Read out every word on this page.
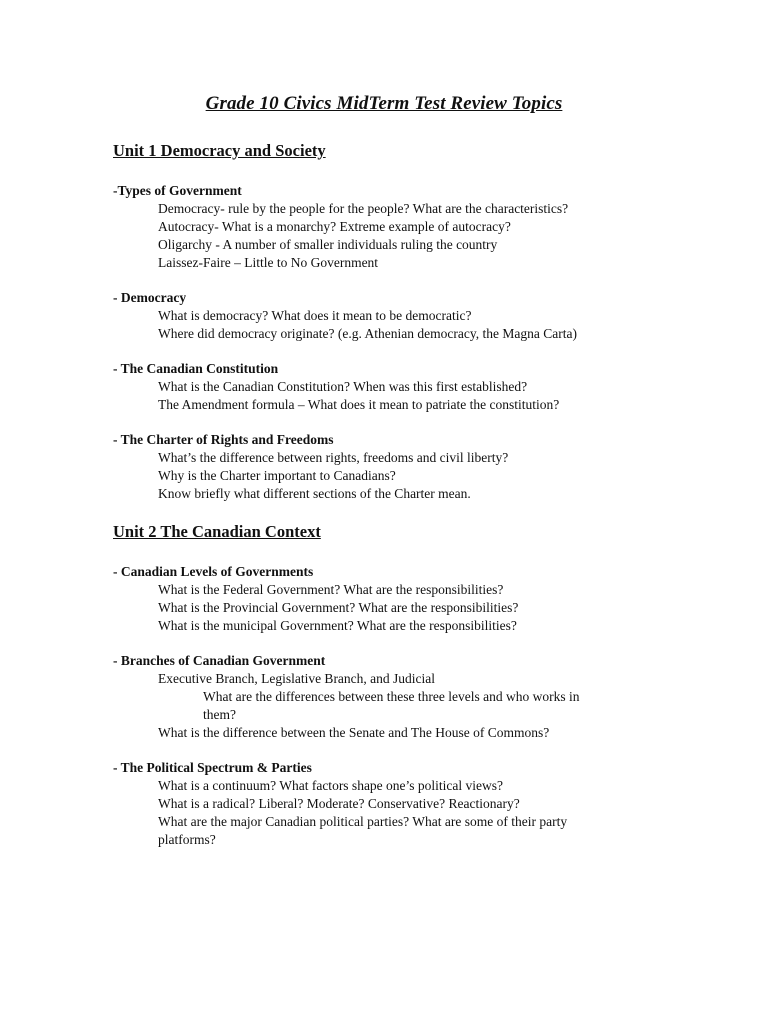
Grade 10 Civics MidTerm Test Review Topics
Unit 1 Democracy and Society
-Types of Government
Democracy- rule by the people for the people? What are the characteristics?
Autocracy- What is a monarchy? Extreme example of autocracy?
Oligarchy - A number of smaller individuals ruling the country
Laissez-Faire – Little to No Government
- Democracy
What is democracy? What does it mean to be democratic?
Where did democracy originate? (e.g. Athenian democracy, the Magna Carta)
- The Canadian Constitution
What is the Canadian Constitution? When was this first established?
The Amendment formula – What does it mean to patriate the constitution?
- The Charter of Rights and Freedoms
What’s the difference between rights, freedoms and civil liberty?
Why is the Charter important to Canadians?
Know briefly what different sections of the Charter mean.
Unit 2 The Canadian Context
- Canadian Levels of Governments
What is the Federal Government? What are the responsibilities?
What is the Provincial Government? What are the responsibilities?
What is the municipal Government? What are the responsibilities?
- Branches of Canadian Government
Executive Branch, Legislative Branch, and Judicial
What are the differences between these three levels and who works in
them?
What is the difference between the Senate and The House of Commons?
- The Political Spectrum & Parties
What is a continuum? What factors shape one’s political views?
What is a radical? Liberal? Moderate? Conservative? Reactionary?
What are the major Canadian political parties? What are some of their party
platforms?
